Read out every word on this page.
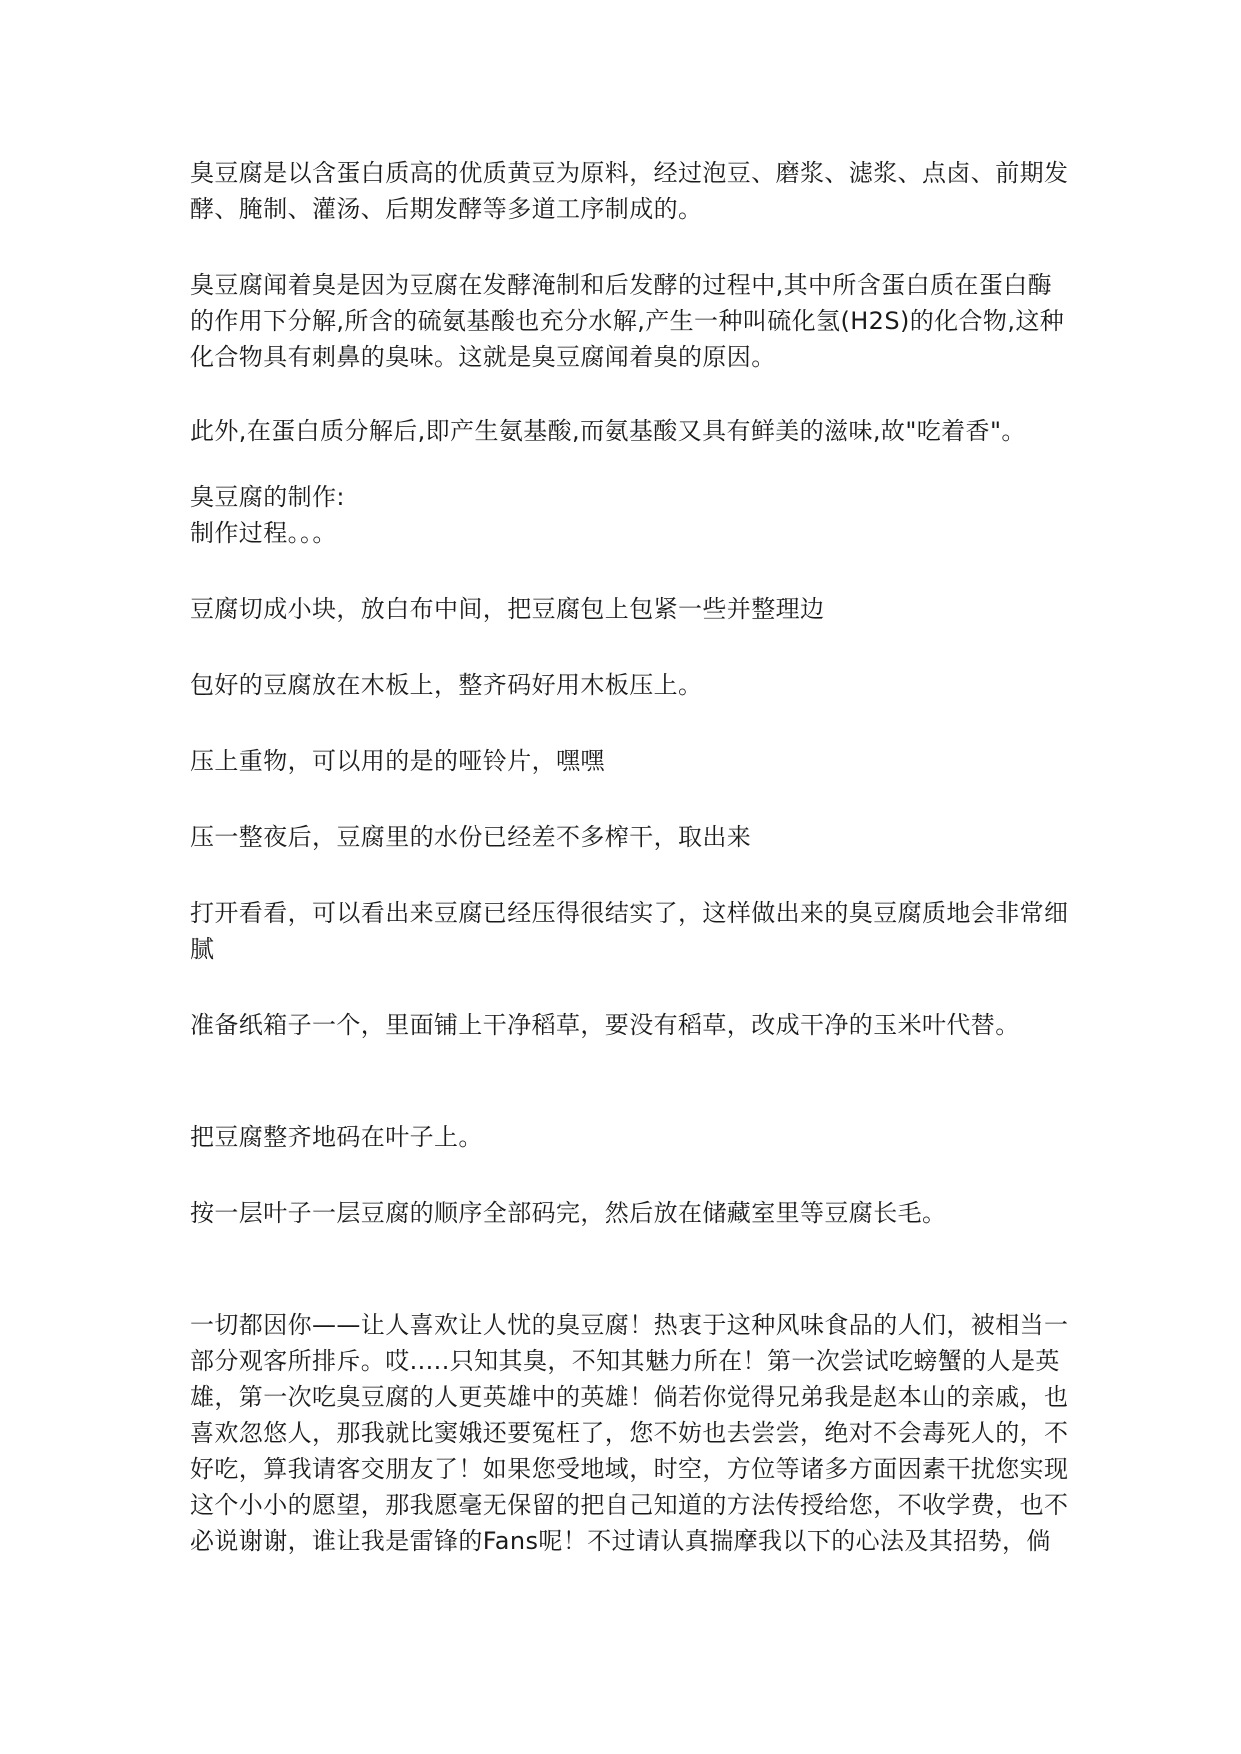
臭豆腐是以含蛋白质高的优质黄豆为原料，经过泡豆、磨浆、滤浆、点卤、前期发
酵、腌制、灌汤、后期发酵等多道工序制成的。

臭豆腐闻着臭是因为豆腐在发酵淹制和后发酵的过程中,其中所含蛋白质在蛋白酶
的作用下分解,所含的硫氨基酸也充分水解,产生一种叫硫化氢(H2S)的化合物,这种
化合物具有刺鼻的臭味。这就是臭豆腐闻着臭的原因。

此外,在蛋白质分解后,即产生氨基酸,而氨基酸又具有鲜美的滋味,故"吃着香"。

臭豆腐的制作:
制作过程。。。

豆腐切成小块，放白布中间，把豆腐包上包紧一些并整理边

包好的豆腐放在木板上，整齐码好用木板压上。

压上重物，可以用的是的哑铃片，嘿嘿

压一整夜后，豆腐里的水份已经差不多榨干，取出来

打开看看，可以看出来豆腐已经压得很结实了，这样做出来的臭豆腐质地会非常细
腻

准备纸箱子一个，里面铺上干净稻草，要没有稻草，改成干净的玉米叶代替。

把豆腐整齐地码在叶子上。

按一层叶子一层豆腐的顺序全部码完，然后放在储藏室里等豆腐长毛。

一切都因你——让人喜欢让人忧的臭豆腐！热衷于这种风味食品的人们，被相当一
部分观客所排斥。哎.....只知其臭，不知其魅力所在！第一次尝试吃螃蟹的人是英
雄，第一次吃臭豆腐的人更英雄中的英雄！倘若你觉得兄弟我是赵本山的亲戚，也
喜欢忽悠人，那我就比窦娥还要冤枉了，您不妨也去尝尝，绝对不会毒死人的，不
好吃，算我请客交朋友了！如果您受地域，时空，方位等诸多方面因素干扰您实现
这个小小的愿望，那我愿毫无保留的把自己知道的方法传授给您，不收学费，也不
必说谢谢，谁让我是雷锋的Fans呢！不过请认真揣摩我以下的心法及其招势，倘
